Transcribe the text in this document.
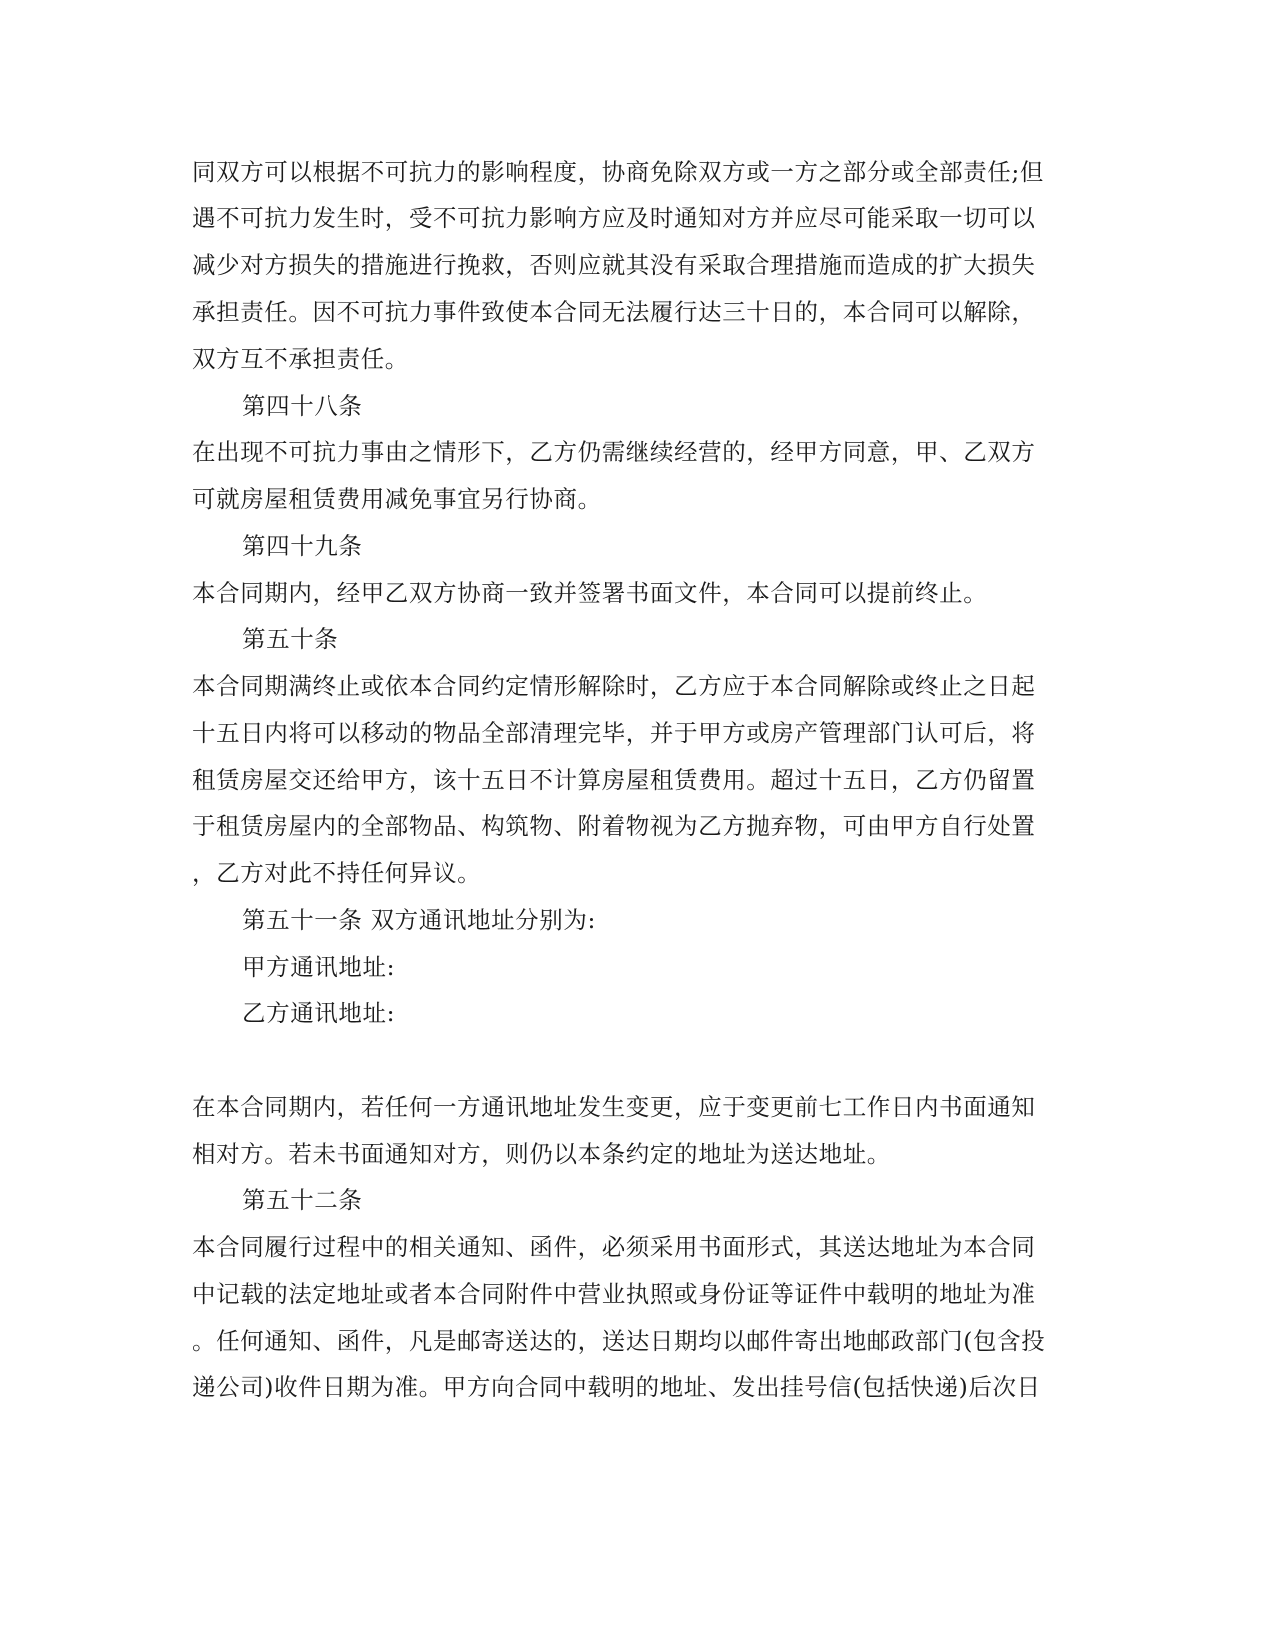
同双方可以根据不可抗力的影响程度，协商免除双方或一方之部分或全部责任;但
遇不可抗力发生时，受不可抗力影响方应及时通知对方并应尽可能采取一切可以
减少对方损失的措施进行挽救，否则应就其没有采取合理措施而造成的扩大损失
承担责任。因不可抗力事件致使本合同无法履行达三十日的，本合同可以解除，
双方互不承担责任。
第四十八条
在出现不可抗力事由之情形下，乙方仍需继续经营的，经甲方同意，甲、乙双方
可就房屋租赁费用减免事宜另行协商。
第四十九条
本合同期内，经甲乙双方协商一致并签署书面文件，本合同可以提前终止。
第五十条
本合同期满终止或依本合同约定情形解除时，乙方应于本合同解除或终止之日起
十五日内将可以移动的物品全部清理完毕，并于甲方或房产管理部门认可后，将
租赁房屋交还给甲方，该十五日不计算房屋租赁费用。超过十五日，乙方仍留置
于租赁房屋内的全部物品、构筑物、附着物视为乙方抛弃物，可由甲方自行处置
，乙方对此不持任何异议。
第五十一条 双方通讯地址分别为:
甲方通讯地址:
乙方通讯地址:
在本合同期内，若任何一方通讯地址发生变更，应于变更前七工作日内书面通知
相对方。若未书面通知对方，则仍以本条约定的地址为送达地址。
第五十二条
本合同履行过程中的相关通知、函件，必须采用书面形式，其送达地址为本合同
中记载的法定地址或者本合同附件中营业执照或身份证等证件中载明的地址为准
。任何通知、函件，凡是邮寄送达的，送达日期均以邮件寄出地邮政部门(包含投
递公司)收件日期为准。甲方向合同中载明的地址、发出挂号信(包括快递)后次日
